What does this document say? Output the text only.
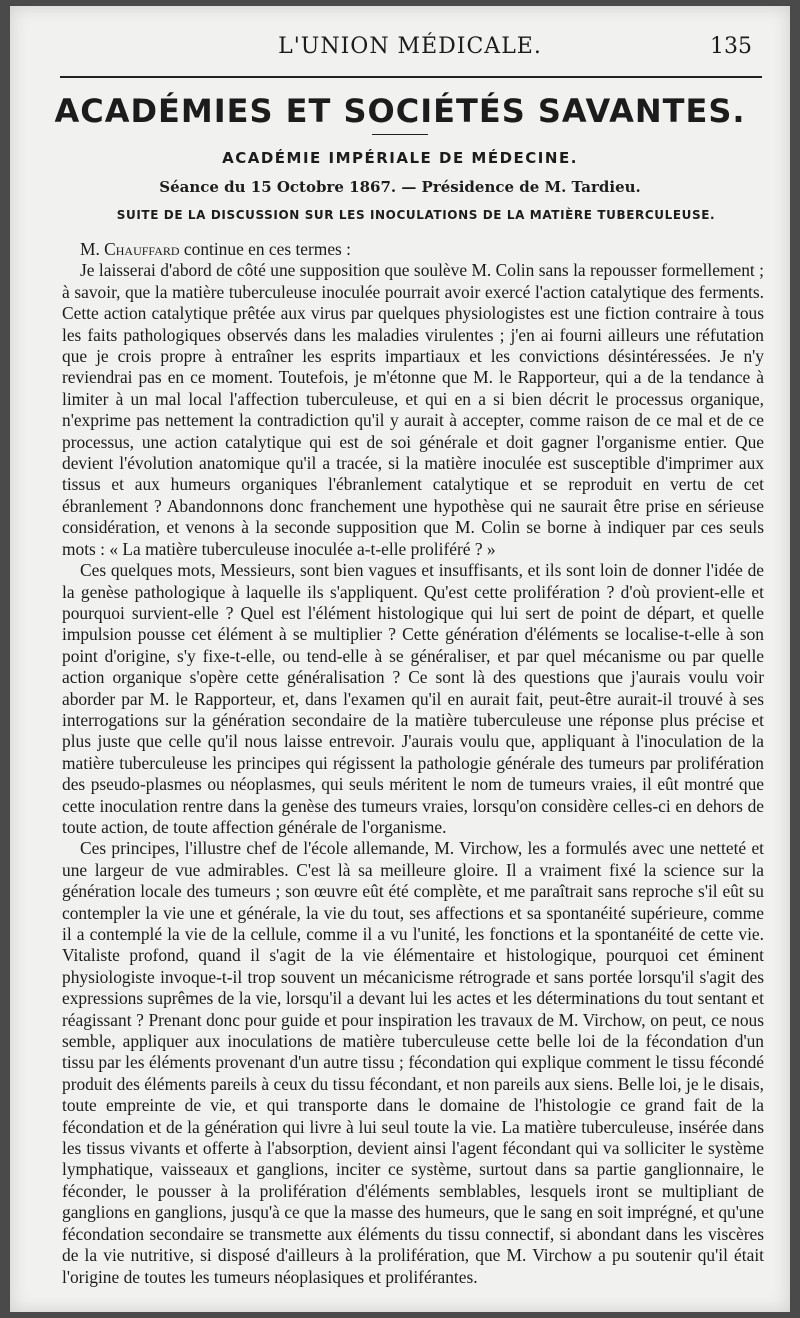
L'UNION MÉDICALE.	135
ACADÉMIES ET SOCIÉTÉS SAVANTES.
ACADÉMIE IMPÉRIALE DE MÉDECINE.
Séance du 15 Octobre 1867. — Présidence de M. Tardieu.
SUITE DE LA DISCUSSION SUR LES INOCULATIONS DE LA MATIÈRE TUBERCULEUSE.

M. Chauffard continue en ces termes :

Je laisserai d'abord de côté une supposition que soulève M. Colin sans la repousser formellement ; à savoir, que la matière tuberculeuse inoculée pourrait avoir exercé l'action catalytique des ferments. Cette action catalytique prêtée aux virus par quelques physiologistes est une fiction contraire à tous les faits pathologiques observés dans les maladies virulentes ; j'en ai fourni ailleurs une réfutation que je crois propre à entraîner les esprits impartiaux et les convictions désintéressées. Je n'y reviendrai pas en ce moment. Toutefois, je m'étonne que M. le Rapporteur, qui a de la tendance à limiter à un mal local l'affection tuberculeuse, et qui en a si bien décrit le processus organique, n'exprime pas nettement la contradiction qu'il y aurait à accepter, comme raison de ce mal et de ce processus, une action catalytique qui est de soi générale et doit gagner l'organisme entier. Que devient l'évolution anatomique qu'il a tracée, si la matière inoculée est susceptible d'imprimer aux tissus et aux humeurs organiques l'ébranlement catalytique et se reproduit en vertu de cet ébranlement ? Abandonnons donc franchement une hypothèse qui ne saurait être prise en sérieuse considération, et venons à la seconde supposition que M. Colin se borne à indiquer par ces seuls mots : « La matière tuberculeuse inoculée a-t-elle proliféré ? »

Ces quelques mots, Messieurs, sont bien vagues et insuffisants, et ils sont loin de donner l'idée de la genèse pathologique à laquelle ils s'appliquent. Qu'est cette prolifération ? d'où provient-elle et pourquoi survient-elle ? Quel est l'élément histologique qui lui sert de point de départ, et quelle impulsion pousse cet élément à se multiplier ? Cette génération d'éléments se localise-t-elle à son point d'origine, s'y fixe-t-elle, ou tend-elle à se généraliser, et par quel mécanisme ou par quelle action organique s'opère cette généralisation ? Ce sont là des questions que j'aurais voulu voir aborder par M. le Rapporteur, et, dans l'examen qu'il en aurait fait, peut-être aurait-il trouvé à ses interrogations sur la génération secondaire de la matière tuberculeuse une réponse plus précise et plus juste que celle qu'il nous laisse entrevoir. J'aurais voulu que, appliquant à l'inoculation de la matière tuberculeuse les principes qui régissent la pathologie générale des tumeurs par prolifération des pseudo-plasmes ou néoplasmes, qui seuls méritent le nom de tumeurs vraies, il eût montré que cette inoculation rentre dans la genèse des tumeurs vraies, lorsqu'on considère celles-ci en dehors de toute action, de toute affection générale de l'organisme.

Ces principes, l'illustre chef de l'école allemande, M. Virchow, les a formulés avec une netteté et une largeur de vue admirables. C'est là sa meilleure gloire. Il a vraiment fixé la science sur la génération locale des tumeurs ; son œuvre eût été complète, et me paraîtrait sans reproche s'il eût su contempler la vie une et générale, la vie du tout, ses affections et sa spontanéité supérieure, comme il a contemplé la vie de la cellule, comme il a vu l'unité, les fonctions et la spontanéité de cette vie. Vitaliste profond, quand il s'agit de la vie élémentaire et histologique, pourquoi cet éminent physiologiste invoque-t-il trop souvent un mécanicisme rétrograde et sans portée lorsqu'il s'agit des expressions suprêmes de la vie, lorsqu'il a devant lui les actes et les déterminations du tout sentant et réagissant ? Prenant donc pour guide et pour inspiration les travaux de M. Virchow, on peut, ce nous semble, appliquer aux inoculations de matière tuberculeuse cette belle loi de la fécondation d'un tissu par les éléments provenant d'un autre tissu ; fécondation qui explique comment le tissu fécondé produit des éléments pareils à ceux du tissu fécondant, et non pareils aux siens. Belle loi, je le disais, toute empreinte de vie, et qui transporte dans le domaine de l'histologie ce grand fait de la fécondation et de la génération qui livre à lui seul toute la vie. La matière tuberculeuse, insérée dans les tissus vivants et offerte à l'absorption, devient ainsi l'agent fécondant qui va solliciter le système lymphatique, vaisseaux et ganglions, inciter ce système, surtout dans sa partie ganglionnaire, le féconder, le pousser à la prolifération d'éléments semblables, lesquels iront se multipliant de ganglions en ganglions, jusqu'à ce que la masse des humeurs, que le sang en soit imprégné, et qu'une fécondation secondaire se transmette aux éléments du tissu connectif, si abondant dans les viscères de la vie nutritive, si disposé d'ailleurs à la prolifération, que M. Virchow a pu soutenir qu'il était l'origine de toutes les tumeurs néoplasiques et proliférantes.
